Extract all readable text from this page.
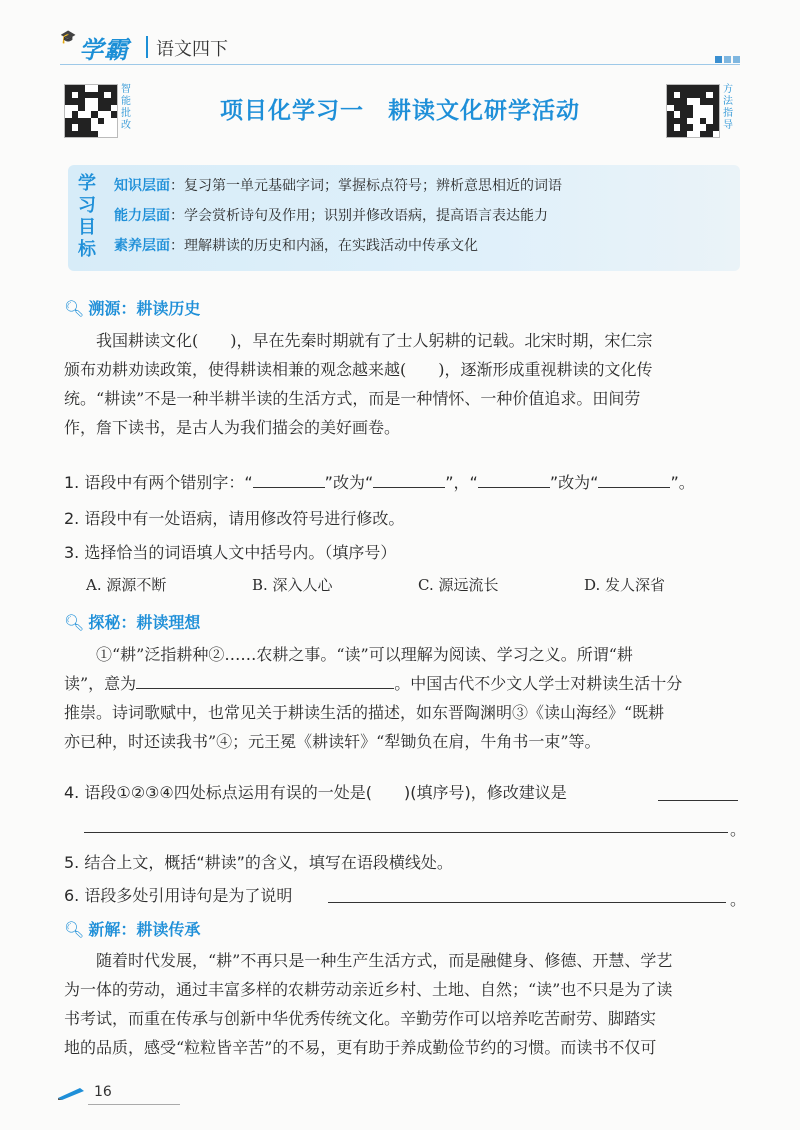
🎓学霸 语文四下
智能批改
项目化学习一　耕读文化研学活动
方法指导
学习目标
知识层面：复习第一单元基础字词；掌握标点符号；辨析意思相近的词语
能力层面：学会赏析诗句及作用；识别并修改语病，提高语言表达能力
素养层面：理解耕读的历史和内涵，在实践活动中传承文化
🔍︎ 溯源：耕读历史
　　我国耕读文化(　　)，早在先秦时期就有了士人躬耕的记载。北宋时期，宋仁宗
颁布劝耕劝读政策，使得耕读相兼的观念越来越(　　)，逐渐形成重视耕读的文化传
统。“耕读”不是一种半耕半读的生活方式，而是一种情怀、一种价值追求。田间劳
作，詹下读书，是古人为我们描会的美好画卷。
1. 语段中有两个错别字：“	”改为“	”，“	”改为“	”。
2. 语段中有一处语病，请用修改符号进行修改。
3. 选择恰当的词语填人文中括号内。（填序号）
A. 源源不断	B. 深入人心	C. 源远流长	D. 发人深省
🔍︎ 探秘：耕读理想
　　①“耕”泛指耕种②……农耕之事。“读”可以理解为阅读、学习之义。所谓“耕
读”，意为	。中国古代不少文人学士对耕读生活十分
推崇。诗词歌赋中，也常见关于耕读生活的描述，如东晋陶渊明③《读山海经》“既耕
亦已种，时还读我书”④；元王冕《耕读轩》“犁锄负在肩，牛角书一束”等。
4. 语段①②③④四处标点运用有误的一处是(　　)(填序号)，修改建议是
。
5. 结合上文，概括“耕读”的含义，填写在语段横线处。
6. 语段多处引用诗句是为了说明	。
🔍︎ 新解：耕读传承
　　随着时代发展，“耕”不再只是一种生产生活方式，而是融健身、修德、开慧、学艺
为一体的劳动，通过丰富多样的农耕劳动亲近乡村、土地、自然；“读”也不只是为了读
书考试，而重在传承与创新中华优秀传统文化。辛勤劳作可以培养吃苦耐劳、脚踏实
地的品质，感受“粒粒皆辛苦”的不易，更有助于养成勤俭节约的习惯。而读书不仅可
16
